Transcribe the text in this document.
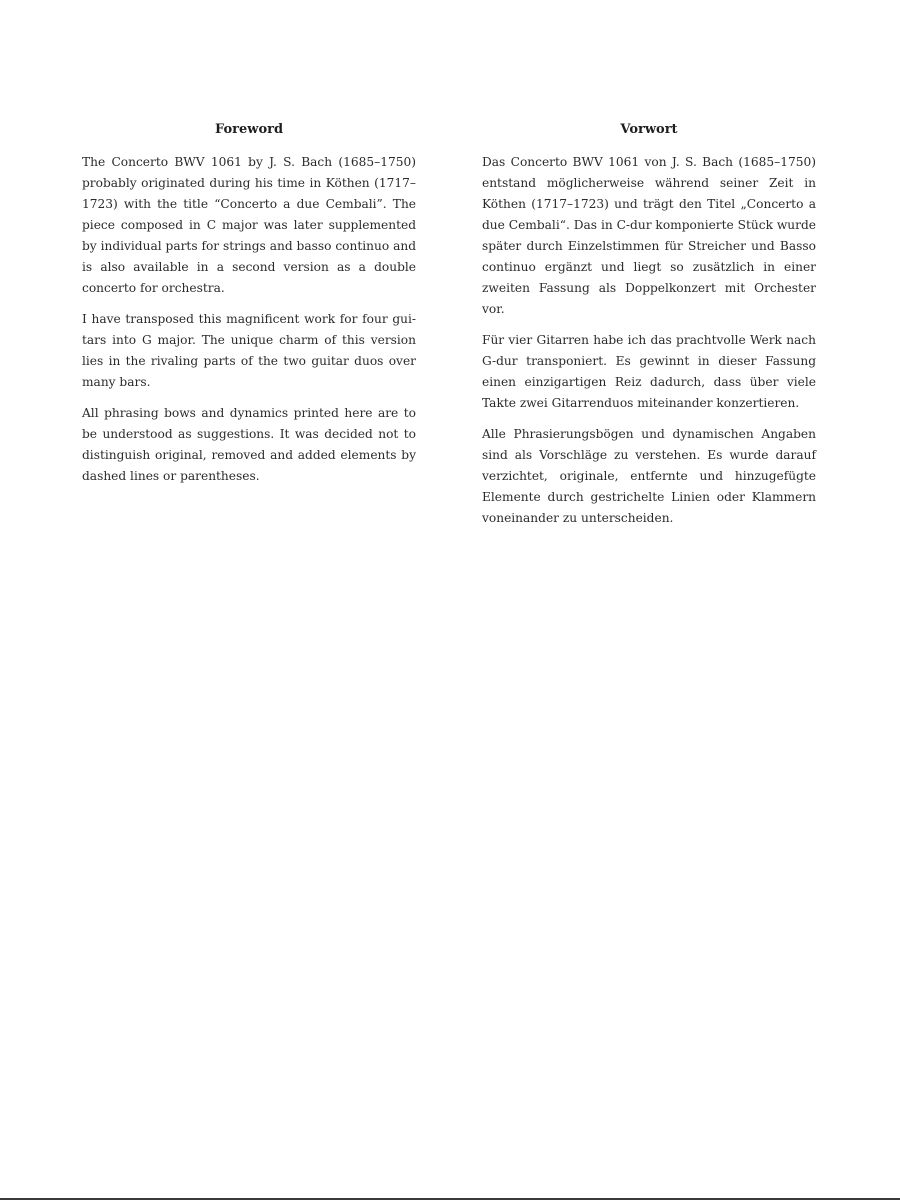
Foreword

The Concerto BWV 1061 by J. S. Bach (1685–1750) probably originated during his time in Köthen (1717–1723) with the title “Concerto a due Cembali”. The piece composed in C major was later supplemented by individual parts for strings and basso continuo and is also available in a second version as a double concerto for orchestra.

I have transposed this magnificent work for four guitars into G major. The unique charm of this version lies in the rivaling parts of the two guitar duos over many bars.

All phrasing bows and dynamics printed here are to be understood as suggestions. It was decided not to distinguish original, removed and added elements by dashed lines or parentheses.

Vorwort

Das Concerto BWV 1061 von J. S. Bach (1685–1750) entstand möglicherweise während seiner Zeit in Köthen (1717–1723) und trägt den Titel „Concerto a due Cembali“. Das in C-dur komponierte Stück wurde später durch Einzelstimmen für Streicher und Basso continuo ergänzt und liegt so zusätzlich in einer zweiten Fassung als Doppelkonzert mit Orchester vor.

Für vier Gitarren habe ich das prachtvolle Werk nach G-dur transponiert. Es gewinnt in dieser Fassung einen einzigartigen Reiz dadurch, dass über viele Takte zwei Gitarrenduos miteinander konzertieren.

Alle Phrasierungsbögen und dynamischen Angaben sind als Vorschläge zu verstehen. Es wurde darauf verzichtet, originale, entfernte und hinzugefügte Elemente durch gestrichelte Linien oder Klammern voneinander zu unterscheiden.
